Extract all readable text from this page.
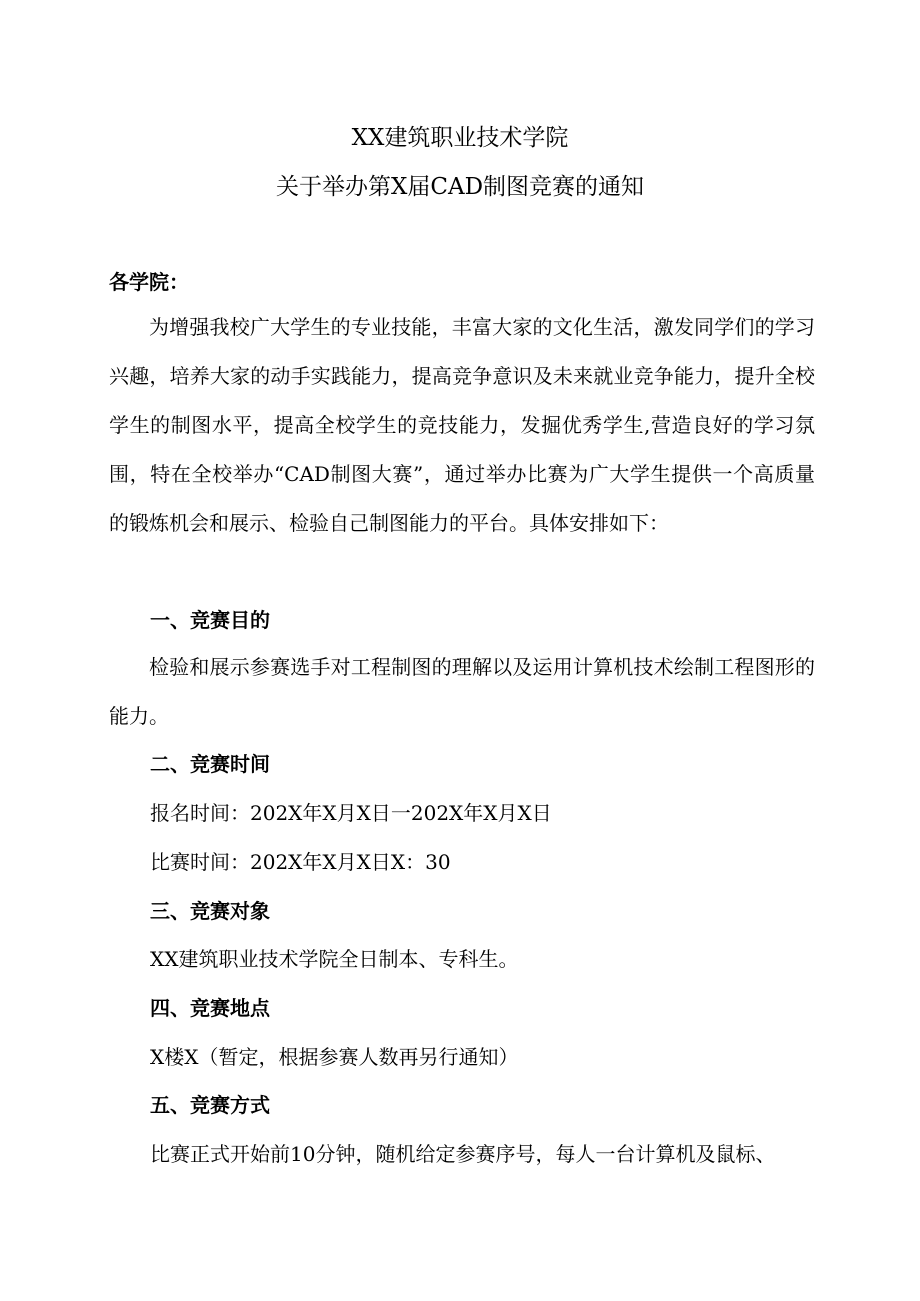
XX建筑职业技术学院
关于举办第X届CAD制图竞赛的通知
各学院：
为增强我校广大学生的专业技能，丰富大家的文化生活，激发同学们的学习兴趣，培养大家的动手实践能力，提高竞争意识及未来就业竞争能力，提升全校学生的制图水平，提高全校学生的竞技能力，发掘优秀学生,营造良好的学习氛围，特在全校举办“CAD制图大赛”，通过举办比赛为广大学生提供一个高质量的锻炼机会和展示、检验自己制图能力的平台。具体安排如下：
一、竞赛目的
检验和展示参赛选手对工程制图的理解以及运用计算机技术绘制工程图形的能力。
二、竞赛时间
报名时间：202X年X月X日一202X年X月X日
比赛时间：202X年X月X日X：30
三、竞赛对象
XX建筑职业技术学院全日制本、专科生。
四、竞赛地点
X楼X（暂定，根据参赛人数再另行通知）
五、竞赛方式
比赛正式开始前10分钟，随机给定参赛序号，每人一台计算机及鼠标、
